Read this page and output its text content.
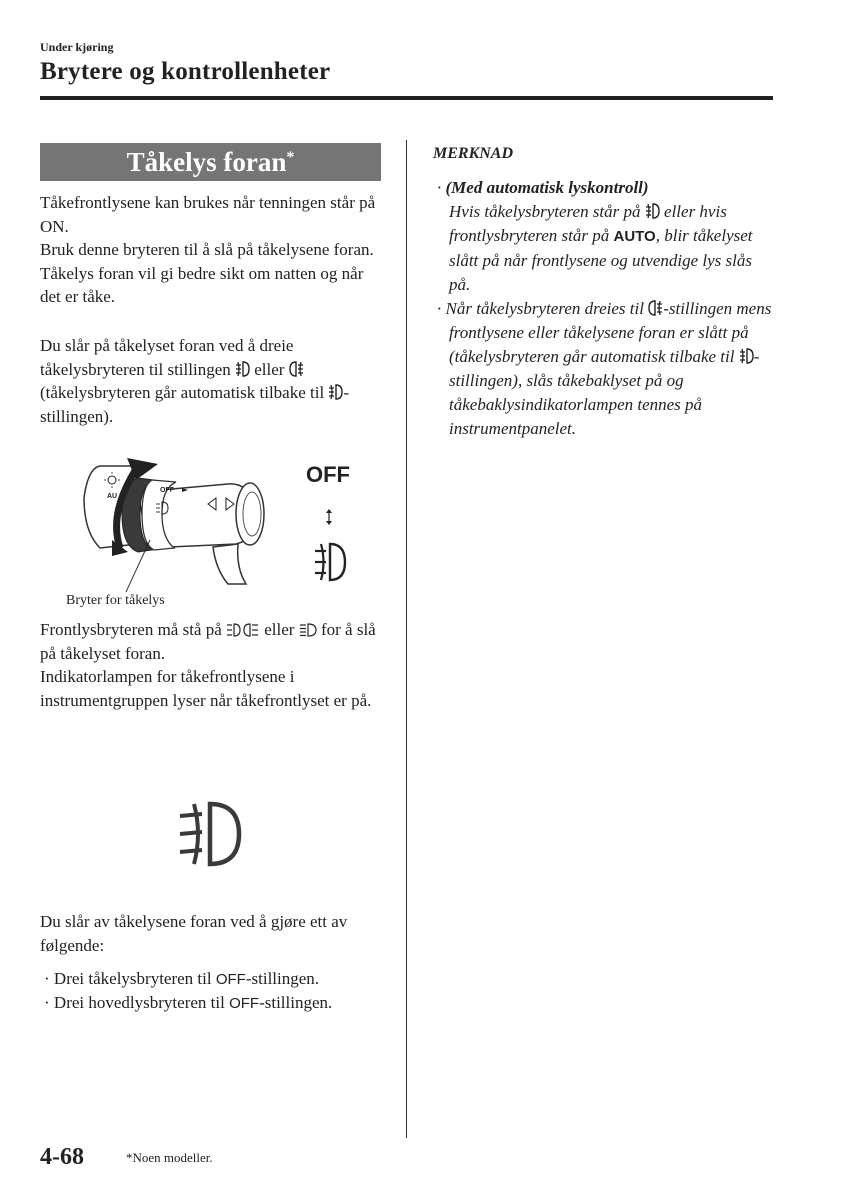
Under kjøring
Brytere og kontrollenheter
Tåkelys foran*

Tåkefrontlysene kan brukes når tenningen står på ON.

Bruk denne bryteren til å slå på tåkelysene foran. Tåkelys foran vil gi bedre sikt om natten og når det er tåke.

Du slår på tåkelyset foran ved å dreie tåkelysbryteren til stillingen eller  (tåkelysbryteren går automatisk tilbake til -stillingen).

OFF
AU
OFF
Bryter for tåkelys

Frontlysbryteren må stå på	eller for å slå på tåkelyset foran.

Indikatorlampen for tåkefrontlysene i instrumentgruppen lyser når tåkefrontlyset er på.

Du slår av tåkelysene foran ved å gjøre ett av følgende:

· Drei tåkelysbryteren til OFF-stillingen.
· Drei hovedlysbryteren til OFF-stillingen.
MERKNAD
· (Med automatisk lyskontroll)
Hvis tåkelysbryteren står på eller hvis frontlysbryteren står på AUTO, blir tåkelyset slått på når frontlysene og utvendige lys slås på.
· Når tåkelysbryteren dreies til -stillingen mens frontlysene eller tåkelysene foran er slått på (tåkelysbryteren går automatisk tilbake til -stillingen), slås tåkebaklyset på og tåkebaklysindikatorlampen tennes på instrumentpanelet.
4-68	*Noen modeller.
